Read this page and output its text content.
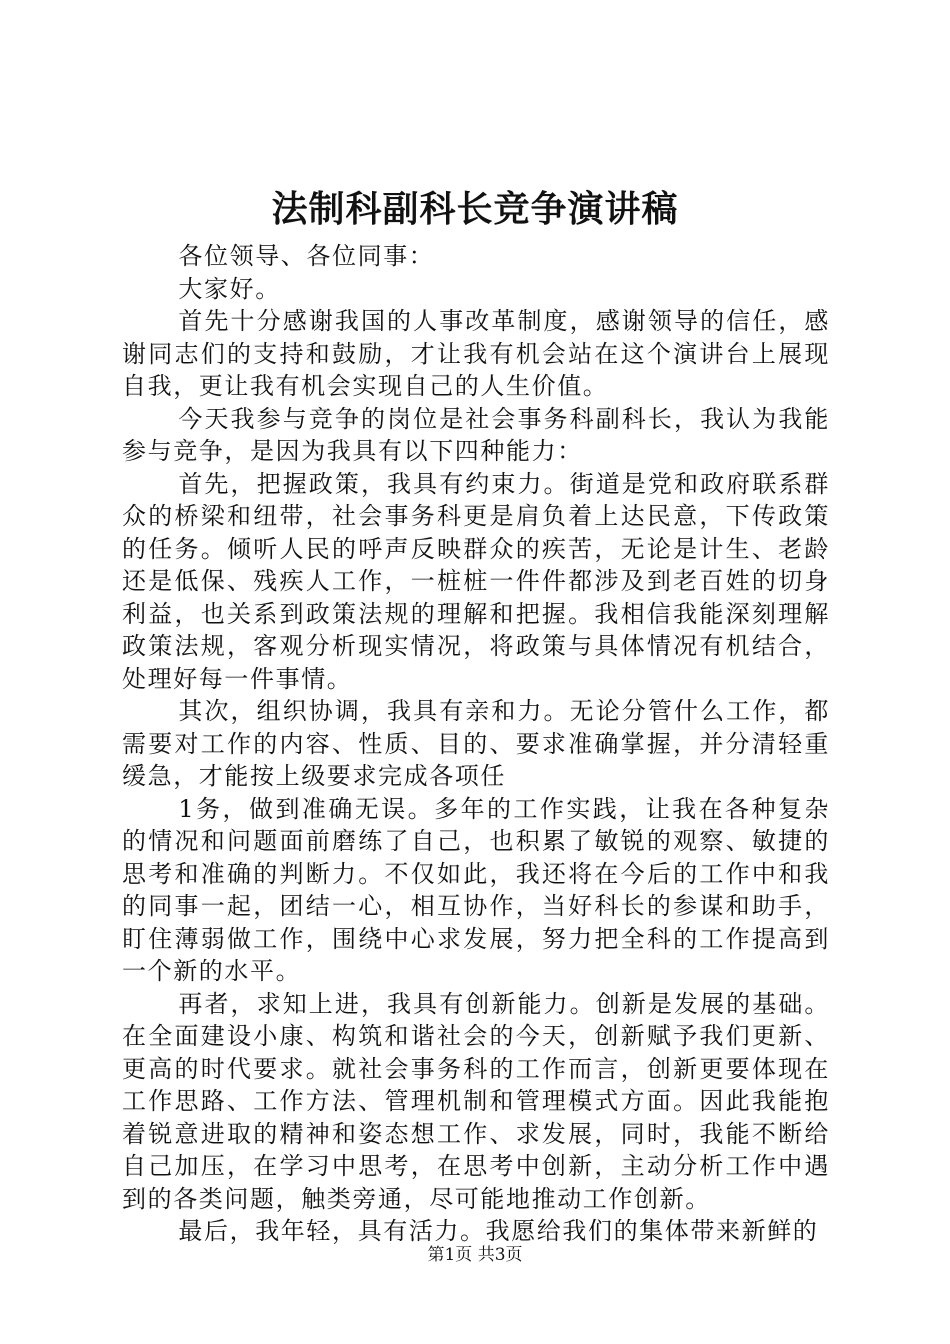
法制科副科长竞争演讲稿

各位领导、各位同事：

大家好。

首先十分感谢我国的人事改革制度，感谢领导的信任，感谢同志们的支持和鼓励，才让我有机会站在这个演讲台上展现自我，更让我有机会实现自己的人生价值。

今天我参与竞争的岗位是社会事务科副科长，我认为我能参与竞争，是因为我具有以下四种能力：

首先，把握政策，我具有约束力。街道是党和政府联系群众的桥梁和纽带，社会事务科更是肩负着上达民意，下传政策的任务。倾听人民的呼声反映群众的疾苦，无论是计生、老龄还是低保、残疾人工作，一桩桩一件件都涉及到老百姓的切身利益，也关系到政策法规的理解和把握。我相信我能深刻理解政策法规，客观分析现实情况，将政策与具体情况有机结合，处理好每一件事情。

其次，组织协调，我具有亲和力。无论分管什么工作，都需要对工作的内容、性质、目的、要求准确掌握，并分清轻重缓急，才能按上级要求完成各项任

1务，做到准确无误。多年的工作实践，让我在各种复杂的情况和问题面前磨练了自己，也积累了敏锐的观察、敏捷的思考和准确的判断力。不仅如此，我还将在今后的工作中和我的同事一起，团结一心，相互协作，当好科长的参谋和助手，盯住薄弱做工作，围绕中心求发展，努力把全科的工作提高到一个新的水平。

再者，求知上进，我具有创新能力。创新是发展的基础。在全面建设小康、构筑和谐社会的今天，创新赋予我们更新、更高的时代要求。就社会事务科的工作而言，创新更要体现在工作思路、工作方法、管理机制和管理模式方面。因此我能抱着锐意进取的精神和姿态想工作、求发展，同时，我能不断给自己加压，在学习中思考，在思考中创新，主动分析工作中遇到的各类问题，触类旁通，尽可能地推动工作创新。

最后，我年轻，具有活力。我愿给我们的集体带来新鲜的

第1页 共3页
